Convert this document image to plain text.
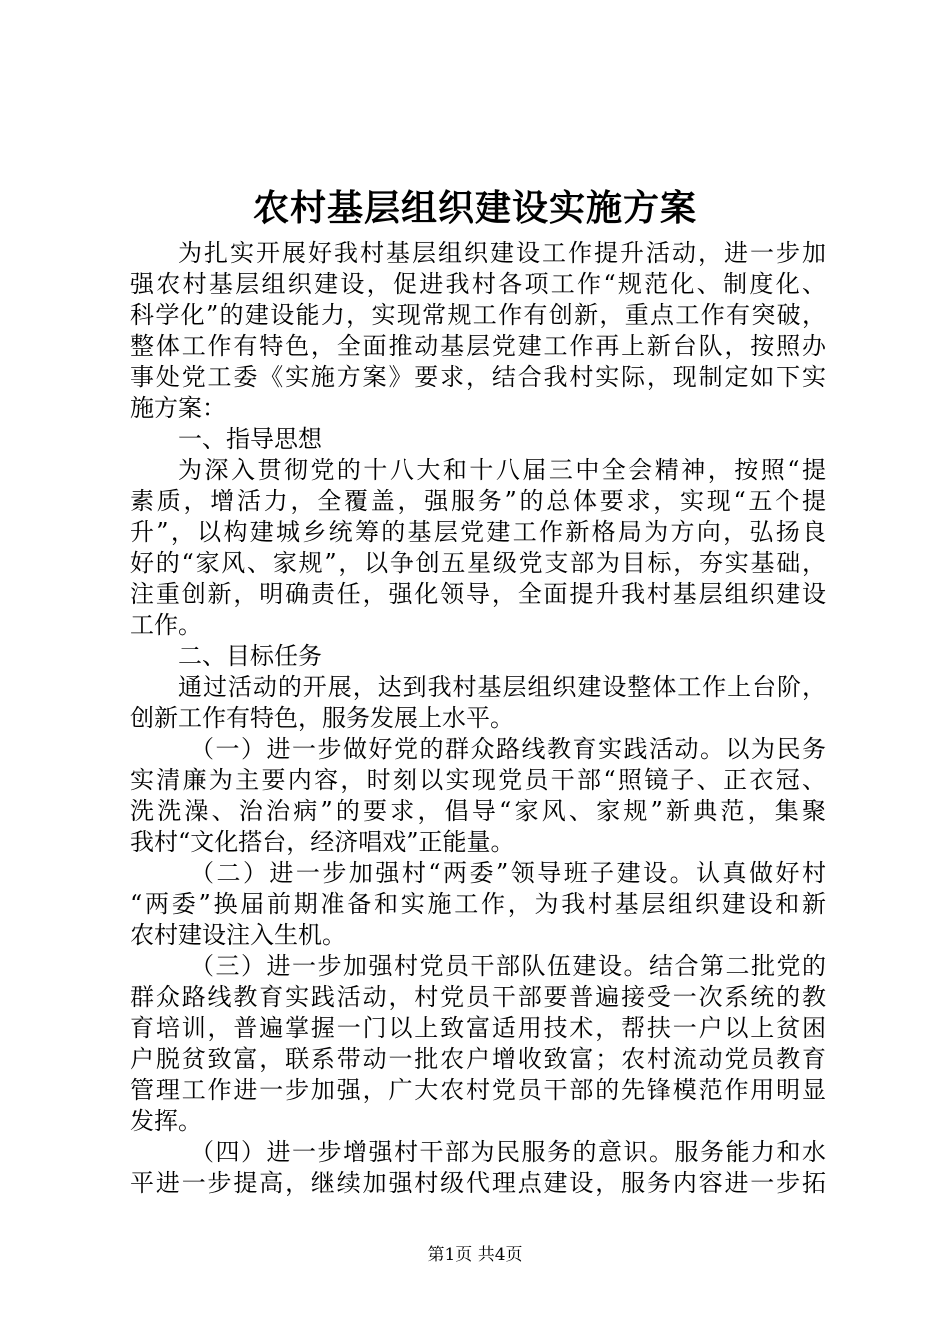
农村基层组织建设实施方案
为扎实开展好我村基层组织建设工作提升活动，进一步加
强农村基层组织建设，促进我村各项工作“规范化、制度化、
科学化”的建设能力，实现常规工作有创新，重点工作有突破，
整体工作有特色，全面推动基层党建工作再上新台队，按照办
事处党工委《实施方案》要求，结合我村实际，现制定如下实
施方案：
一、指导思想
为深入贯彻党的十八大和十八届三中全会精神，按照“提
素质，增活力，全覆盖，强服务”的总体要求，实现“五个提
升”，以构建城乡统筹的基层党建工作新格局为方向，弘扬良
好的“家风、家规”，以争创五星级党支部为目标，夯实基础，
注重创新，明确责任，强化领导，全面提升我村基层组织建设
工作。
二、目标任务
通过活动的开展，达到我村基层组织建设整体工作上台阶，
创新工作有特色，服务发展上水平。
（一）进一步做好党的群众路线教育实践活动。以为民务
实清廉为主要内容，时刻以实现党员干部“照镜子、正衣冠、
洗洗澡、治治病”的要求，倡导“家风、家规”新典范，集聚
我村“文化搭台，经济唱戏”正能量。
（二）进一步加强村“两委”领导班子建设。认真做好村
“两委”换届前期准备和实施工作，为我村基层组织建设和新
农村建设注入生机。
（三）进一步加强村党员干部队伍建设。结合第二批党的
群众路线教育实践活动，村党员干部要普遍接受一次系统的教
育培训，普遍掌握一门以上致富适用技术，帮扶一户以上贫困
户脱贫致富，联系带动一批农户增收致富；农村流动党员教育
管理工作进一步加强，广大农村党员干部的先锋模范作用明显
发挥。
（四）进一步增强村干部为民服务的意识。服务能力和水
平进一步提高，继续加强村级代理点建设，服务内容进一步拓
第1页 共4页
